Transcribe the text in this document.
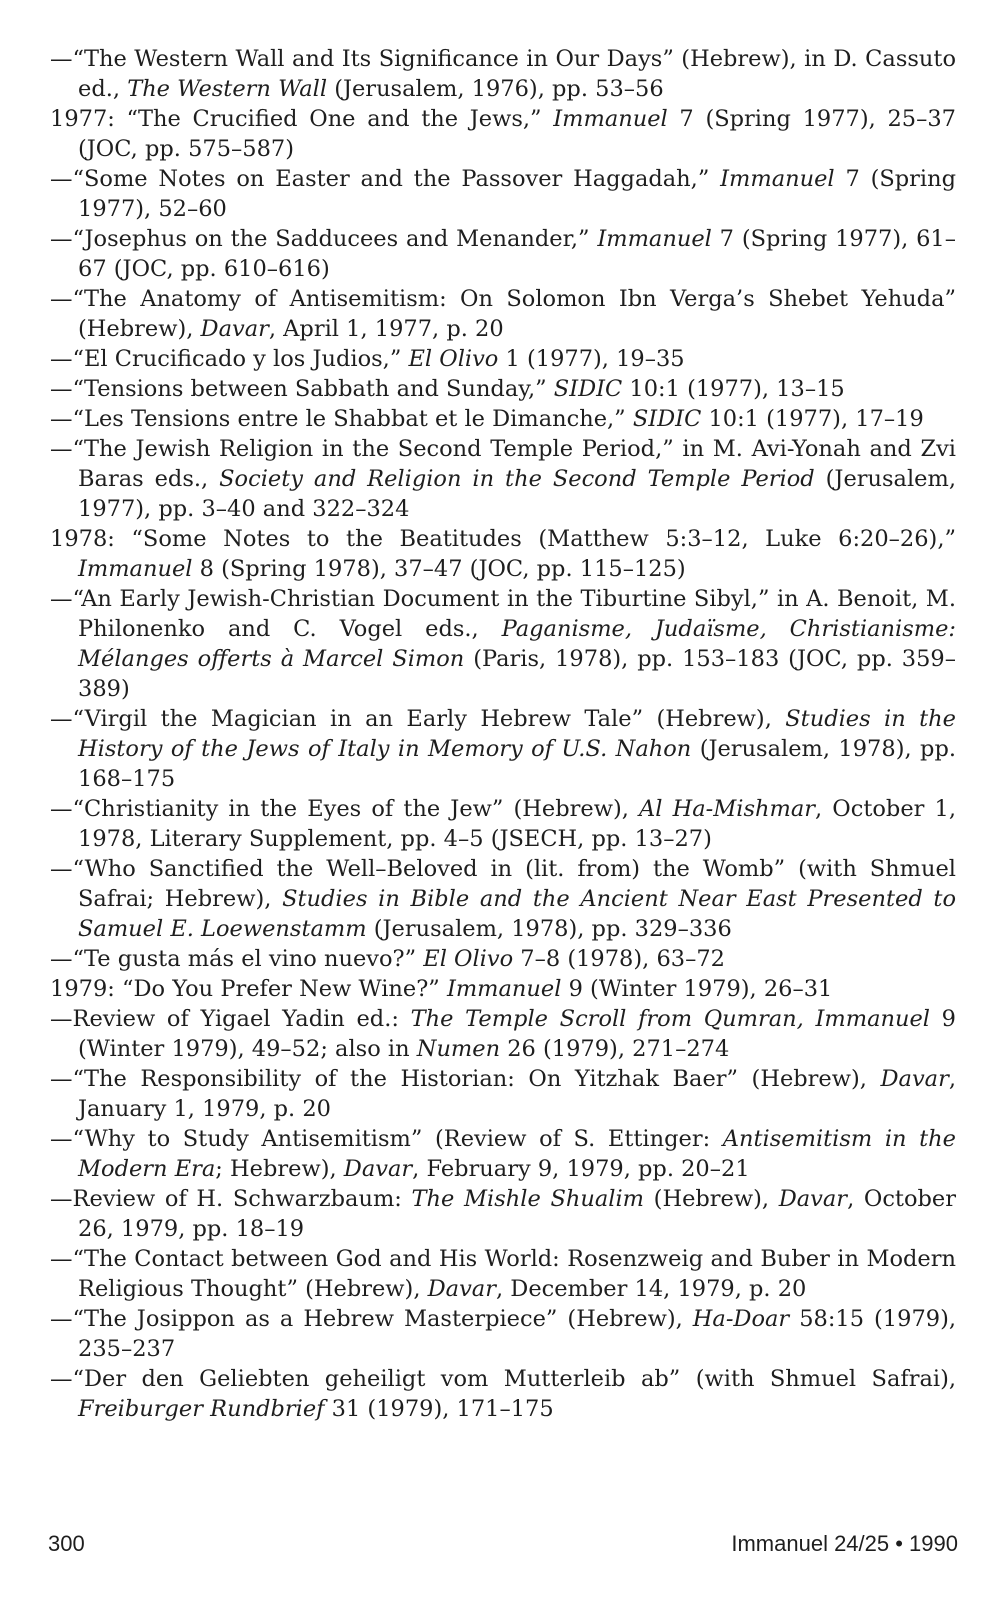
—“The Western Wall and Its Significance in Our Days” (Hebrew), in D. Cassuto ed., The Western Wall (Jerusalem, 1976), pp. 53–56

1977: “The Crucified One and the Jews,” Immanuel 7 (Spring 1977), 25–37 (JOC, pp. 575–587)

—“Some Notes on Easter and the Passover Haggadah,” Immanuel 7 (Spring 1977), 52–60

—“Josephus on the Sadducees and Menander,” Immanuel 7 (Spring 1977), 61–67 (JOC, pp. 610–616)

—“The Anatomy of Antisemitism: On Solomon Ibn Verga’s Shebet Yehuda” (Hebrew), Davar, April 1, 1977, p. 20

—“El Crucificado y los Judios,” El Olivo 1 (1977), 19–35

—“Tensions between Sabbath and Sunday,” SIDIC 10:1 (1977), 13–15

—“Les Tensions entre le Shabbat et le Dimanche,” SIDIC 10:1 (1977), 17–19

—“The Jewish Religion in the Second Temple Period,” in M. Avi-Yonah and Zvi Baras eds., Society and Religion in the Second Temple Period (Jerusalem, 1977), pp. 3–40 and 322–324

1978: “Some Notes to the Beatitudes (Matthew 5:3–12, Luke 6:20–26),” Immanuel 8 (Spring 1978), 37–47 (JOC, pp. 115–125)

—“An Early Jewish-Christian Document in the Tiburtine Sibyl,” in A. Benoit, M. Philonenko and C. Vogel eds., Paganisme, Judaïsme, Christianisme: Mélanges offerts à Marcel Simon (Paris, 1978), pp. 153–183 (JOC, pp. 359–389)

—“Virgil the Magician in an Early Hebrew Tale” (Hebrew), Studies in the History of the Jews of Italy in Memory of U.S. Nahon (Jerusalem, 1978), pp. 168–175

—“Christianity in the Eyes of the Jew” (Hebrew), Al Ha-Mishmar, October 1, 1978, Literary Supplement, pp. 4–5 (JSECH, pp. 13–27)

—“Who Sanctified the Well–Beloved in (lit. from) the Womb” (with Shmuel Safrai; Hebrew), Studies in Bible and the Ancient Near East Presented to Samuel E. Loewenstamm (Jerusalem, 1978), pp. 329–336

—“Te gusta más el vino nuevo?” El Olivo 7–8 (1978), 63–72

1979: “Do You Prefer New Wine?” Immanuel 9 (Winter 1979), 26–31

—Review of Yigael Yadin ed.: The Temple Scroll from Qumran, Immanuel 9 (Winter 1979), 49–52; also in Numen 26 (1979), 271–274

—“The Responsibility of the Historian: On Yitzhak Baer” (Hebrew), Davar, January 1, 1979, p. 20

—“Why to Study Antisemitism” (Review of S. Ettinger: Antisemitism in the Modern Era; Hebrew), Davar, February 9, 1979, pp. 20–21

—Review of H. Schwarzbaum: The Mishle Shualim (Hebrew), Davar, October 26, 1979, pp. 18–19

—“The Contact between God and His World: Rosenzweig and Buber in Modern Religious Thought” (Hebrew), Davar, December 14, 1979, p. 20

—“The Josippon as a Hebrew Masterpiece” (Hebrew), Ha-Doar 58:15 (1979), 235–237

—“Der den Geliebten geheiligt vom Mutterleib ab” (with Shmuel Safrai), Freiburger Rundbrief 31 (1979), 171–175

300	Immanuel 24/25 • 1990
